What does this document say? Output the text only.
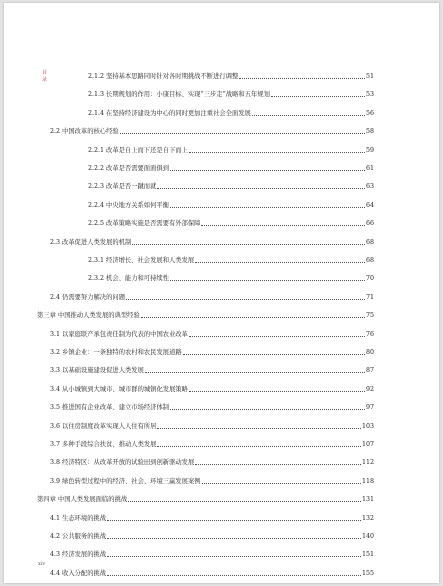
目录	2.1.2 坚持基本思路同时针对各时期挑战不断进行调整	51
2.1.3 长期规划的作用：小康目标、实现“三步走”战略和五年规划	53
2.1.4 在坚持经济建设为中心的同时更加注重社会全面发展	56
2.2 中国改革的核心经验	58
2.2.1 改革是自上而下还是自下而上	59
2.2.2 改革是否需要面面俱到	61
2.2.3 改革是否一蹴而就	63
2.2.4 中央地方关系如何平衡	64
2.2.5 改革策略实施是否需要有外部保障	66
2.3 改革促进人类发展的机制	68
2.3.1 经济增长、社会发展和人类发展	68
2.3.2 机会、能力和可持续性	70
2.4 仍需要努力解决的问题	71
第三章 中国推动人类发展的典型经验	75
3.1 以家庭联产承包责任制为代表的中国农业改革	76
3.2 乡镇企业：一条独特的农村和农民发展道路	80
3.3 以基础设施建设促进人类发展	87
3.4 从小城镇到大城市、城市群的城镇化发展策略	92
3.5 推进国有企业改革、建立市场经济体制	97
3.6 以住房制度改革实现人人住有所居	103
3.7 多种手段综合扶贫、推动人类发展	107
3.8 经济特区：从改革开放的试验田到创新驱动发展	112
3.9 绿色转型过程中的经济、社会、环境三赢发展案例	118
第四章 中国人类发展面临的挑战	131
4.1 生态环境的挑战	132
4.2 公共服务的挑战	140
4.3 经济发展的挑战	151
4.4 收入分配的挑战	155
xiv
